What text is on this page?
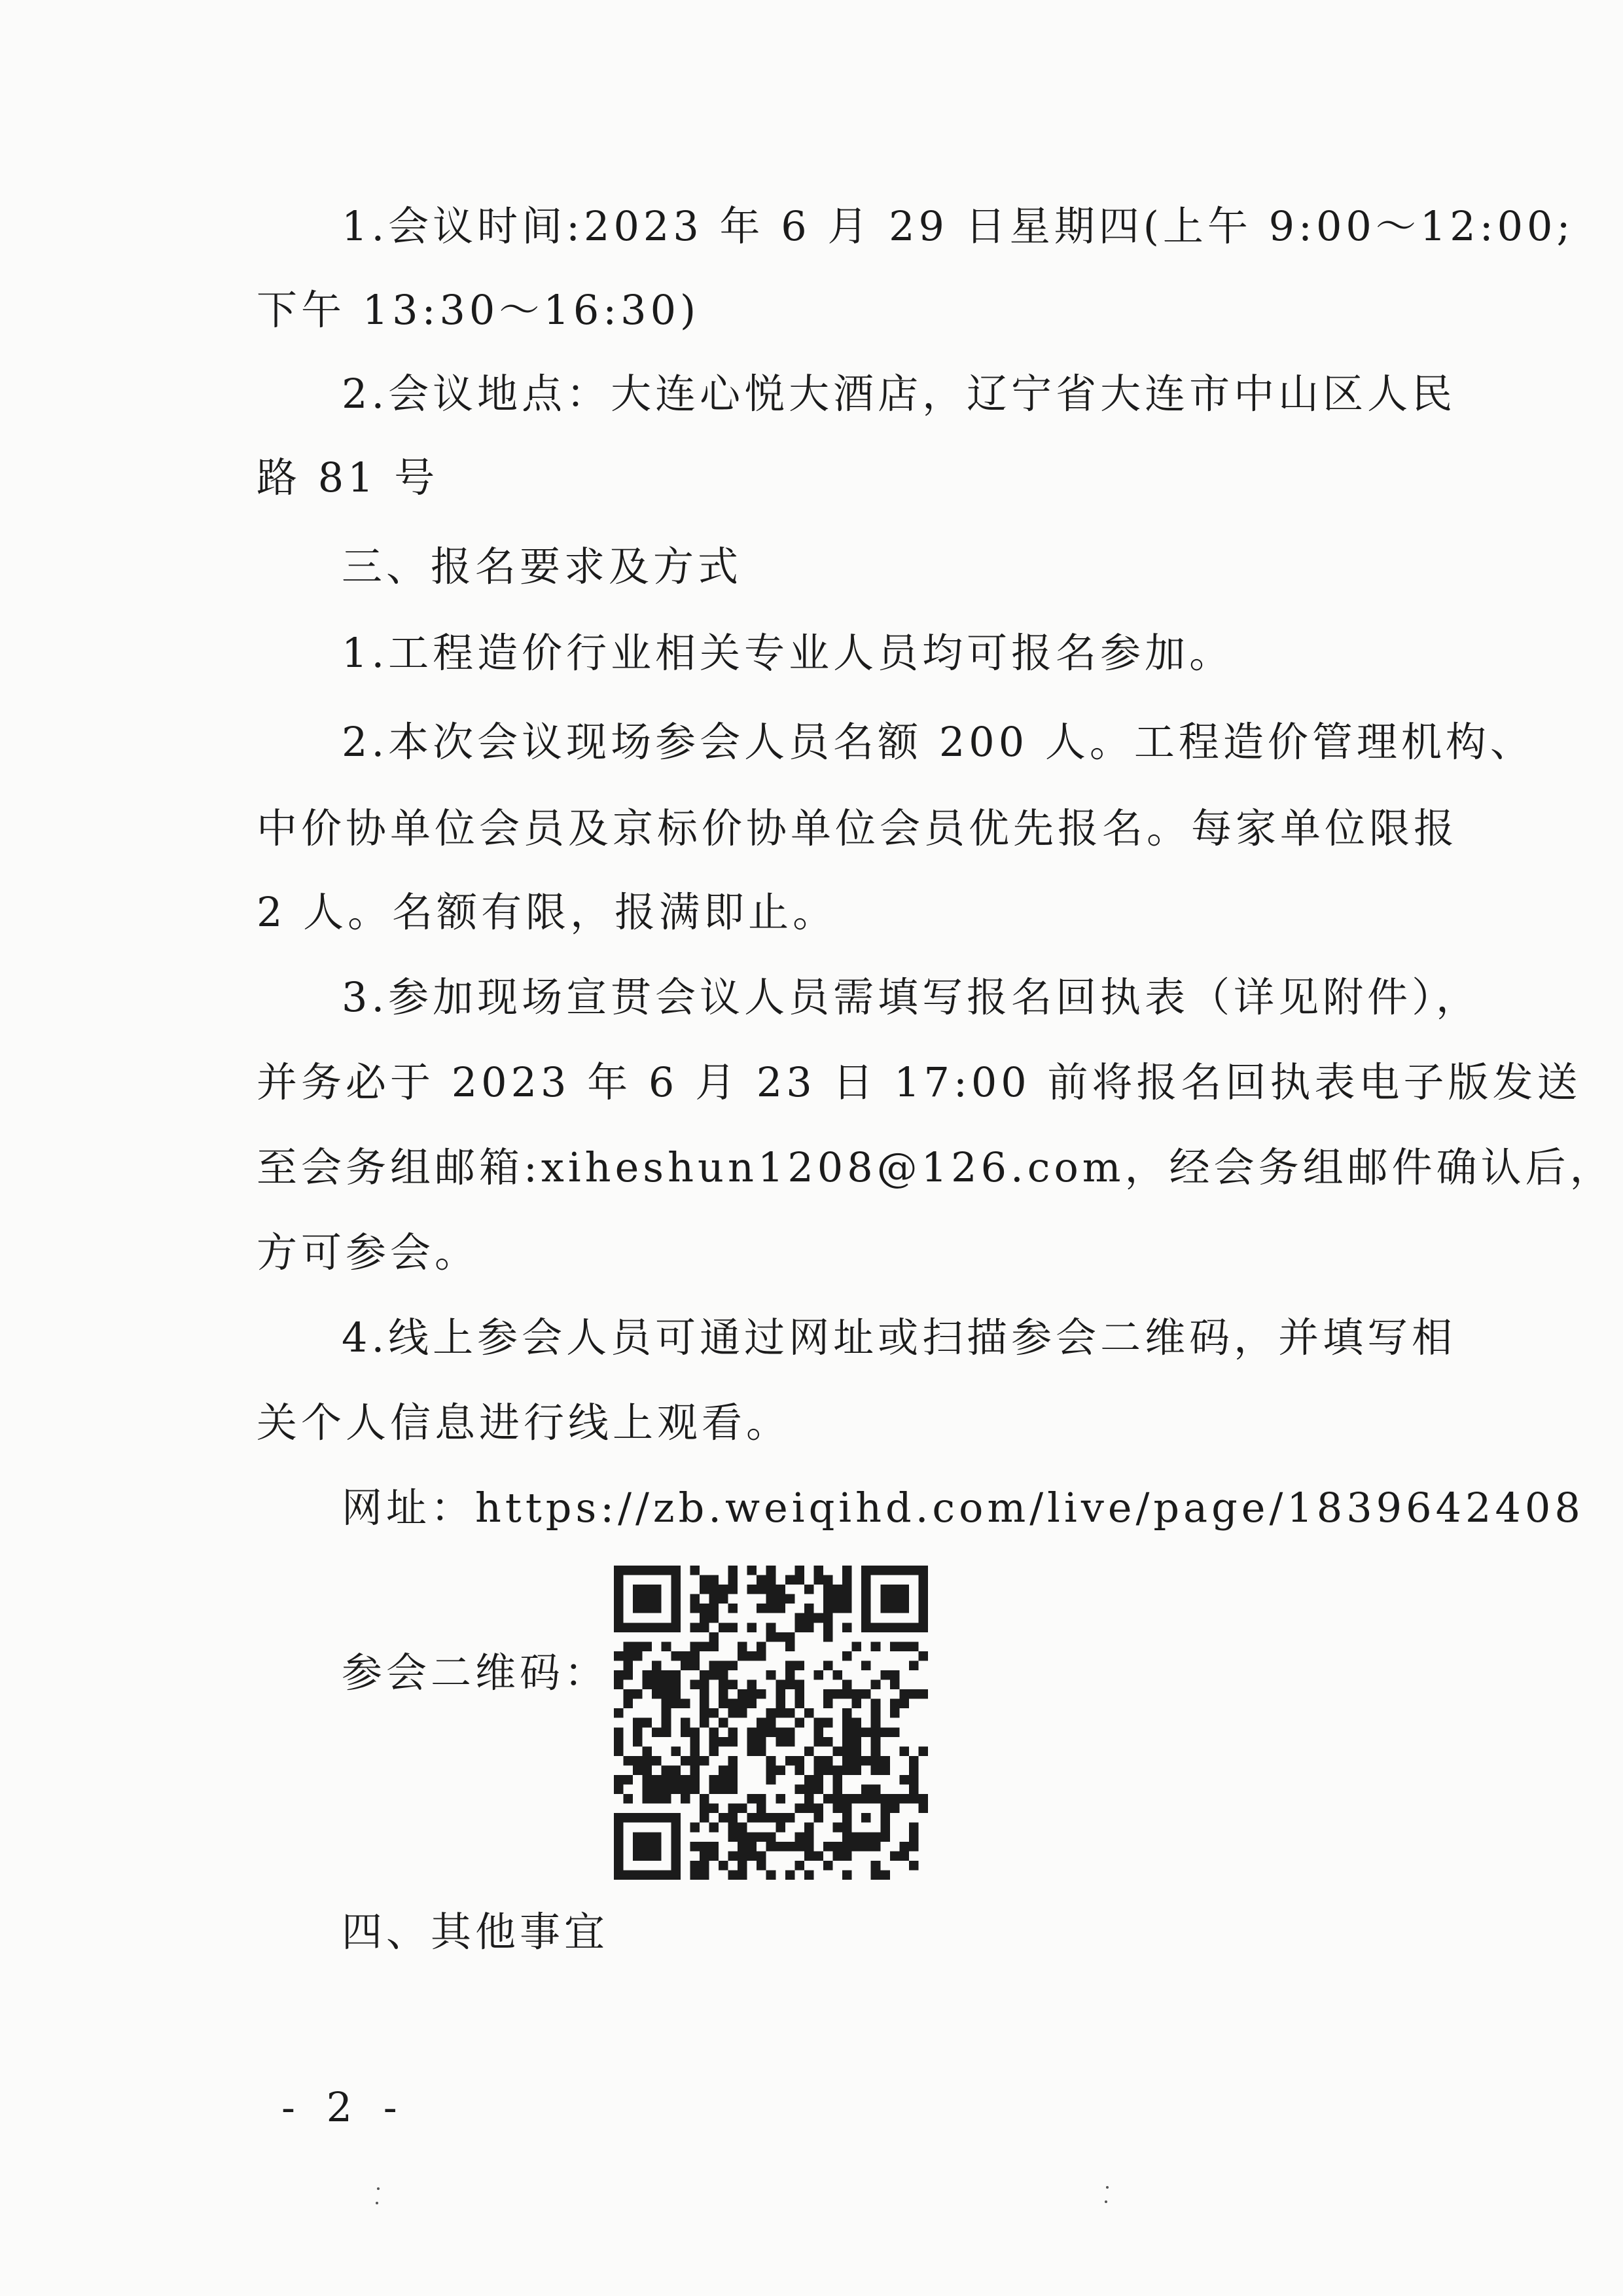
1.会议时间:2023 年 6 月 29 日星期四(上午 9:00～12:00;
下午 13:30～16:30)
2.会议地点：大连心悦大酒店，辽宁省大连市中山区人民
路 81 号
三、报名要求及方式
1.工程造价行业相关专业人员均可报名参加。
2.本次会议现场参会人员名额 200 人。工程造价管理机构、
中价协单位会员及京标价协单位会员优先报名。每家单位限报
2 人。名额有限，报满即止。
3.参加现场宣贯会议人员需填写报名回执表（详见附件），
并务必于 2023 年 6 月 23 日 17:00 前将报名回执表电子版发送
至会务组邮箱:xiheshun1208@126.com，经会务组邮件确认后，
方可参会。
4.线上参会人员可通过网址或扫描参会二维码，并填写相
关个人信息进行线上观看。
网址：https://zb.weiqihd.com/live/page/1839642408
参会二维码：
四、其他事宜
- 2 -
